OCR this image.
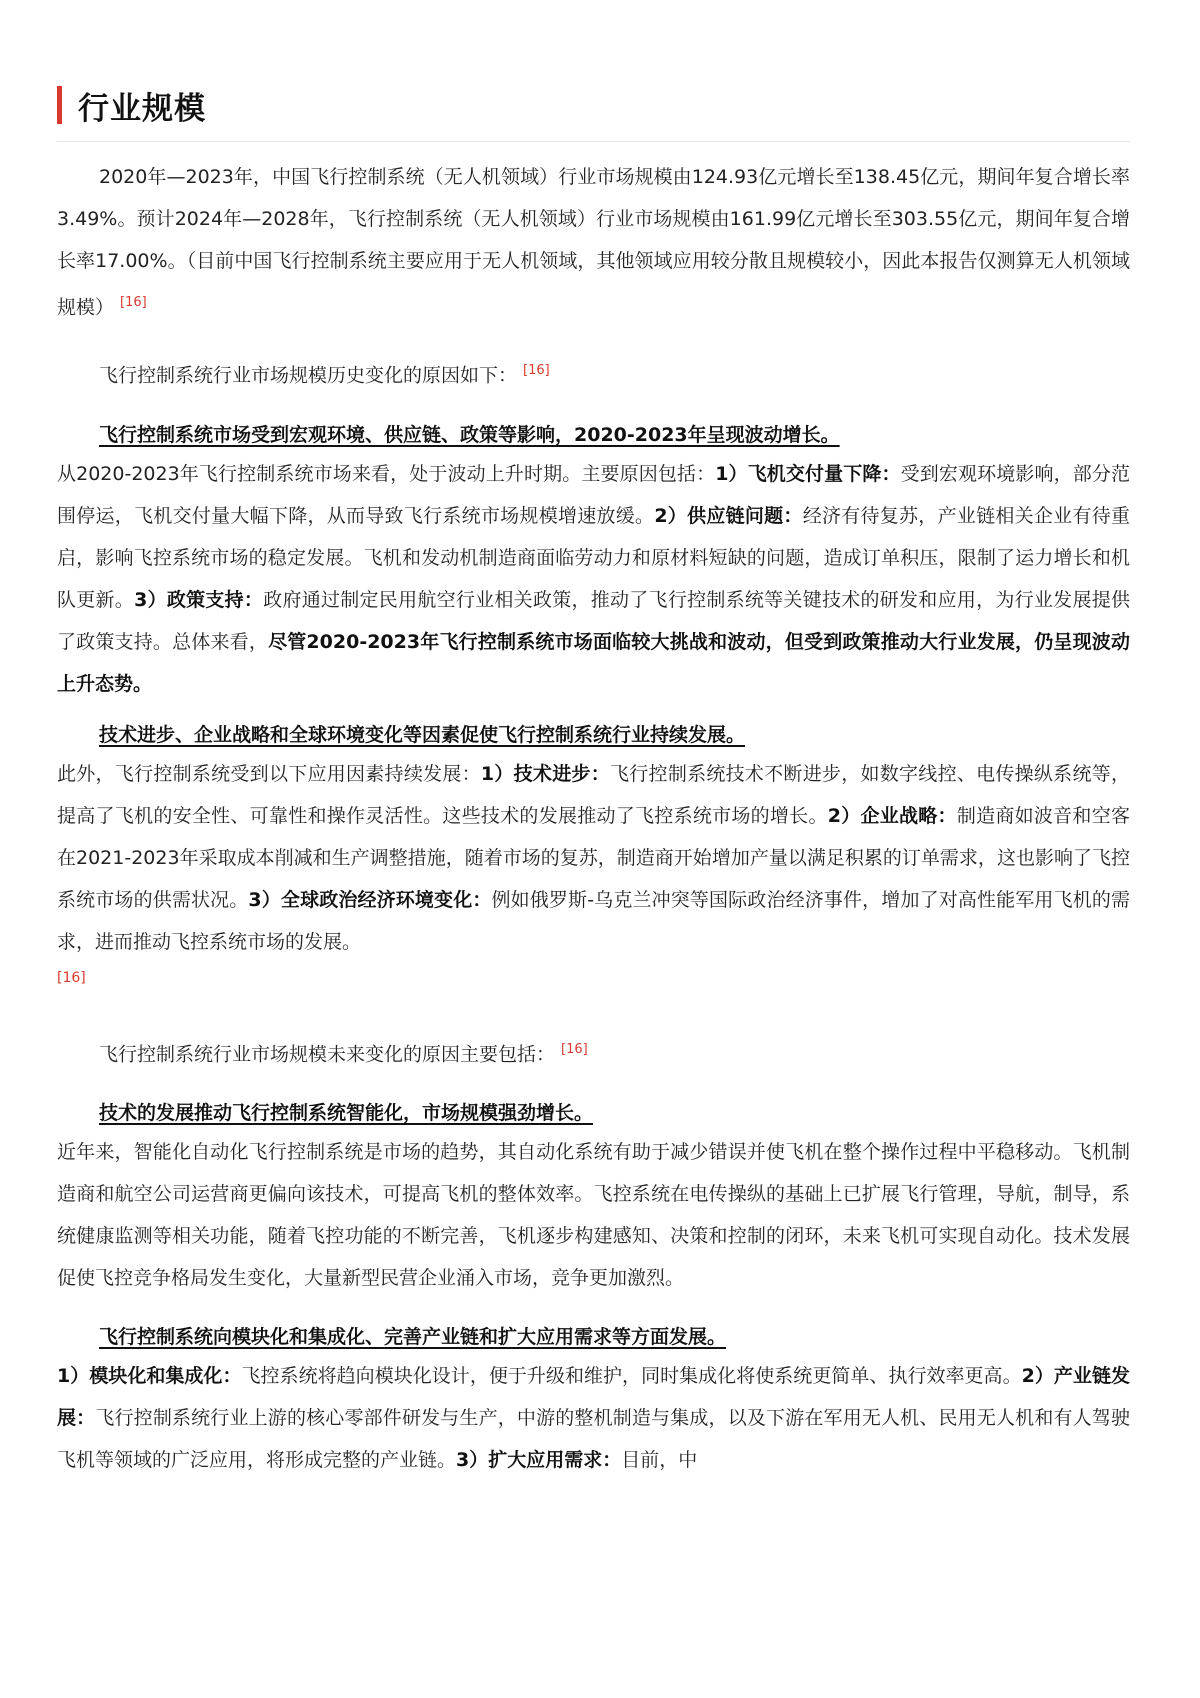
行业规模

2020年—2023年，中国飞行控制系统（无人机领域）行业市场规模由124.93亿元增长至138.45亿元，期间年复合增长率3.49%。预计2024年—2028年，飞行控制系统（无人机领域）行业市场规模由161.99亿元增长至303.55亿元，期间年复合增长率17.00%。（目前中国飞行控制系统主要应用于无人机领域，其他领域应用较分散且规模较小，因此本报告仅测算无人机领域规模） [16]

飞行控制系统行业市场规模历史变化的原因如下： [16]

飞行控制系统市场受到宏观环境、供应链、政策等影响，2020-2023年呈现波动增长。

从2020-2023年飞行控制系统市场来看，处于波动上升时期。主要原因包括：1）飞机交付量下降：受到宏观环境影响，部分范围停运，飞机交付量大幅下降，从而导致飞行系统市场规模增速放缓。2）供应链问题：经济有待复苏，产业链相关企业有待重启，影响飞控系统市场的稳定发展。飞机和发动机制造商面临劳动力和原材料短缺的问题，造成订单积压，限制了运力增长和机队更新。3）政策支持：政府通过制定民用航空行业相关政策，推动了飞行控制系统等关键技术的研发和应用，为行业发展提供了政策支持。总体来看，尽管2020-2023年飞行控制系统市场面临较大挑战和波动，但受到政策推动大行业发展，仍呈现波动上升态势。

技术进步、企业战略和全球环境变化等因素促使飞行控制系统行业持续发展。

此外，飞行控制系统受到以下应用因素持续发展：1）技术进步：飞行控制系统技术不断进步，如数字线控、电传操纵系统等，提高了飞机的安全性、可靠性和操作灵活性。这些技术的发展推动了飞控系统市场的增长。2）企业战略：制造商如波音和空客在2021-2023年采取成本削减和生产调整措施，随着市场的复苏，制造商开始增加产量以满足积累的订单需求，这也影响了飞控系统市场的供需状况。3）全球政治经济环境变化：例如俄罗斯-乌克兰冲突等国际政治经济事件，增加了对高性能军用飞机的需求，进而推动飞控系统市场的发展。

[16]

飞行控制系统行业市场规模未来变化的原因主要包括： [16]

技术的发展推动飞行控制系统智能化，市场规模强劲增长。

近年来，智能化自动化飞行控制系统是市场的趋势，其自动化系统有助于减少错误并使飞机在整个操作过程中平稳移动。飞机制造商和航空公司运营商更偏向该技术，可提高飞机的整体效率。飞控系统在电传操纵的基础上已扩展飞行管理，导航，制导，系统健康监测等相关功能，随着飞控功能的不断完善，飞机逐步构建感知、决策和控制的闭环，未来飞机可实现自动化。技术发展促使飞控竞争格局发生变化，大量新型民营企业涌入市场，竞争更加激烈。

飞行控制系统向模块化和集成化、完善产业链和扩大应用需求等方面发展。

1）模块化和集成化：飞控系统将趋向模块化设计，便于升级和维护，同时集成化将使系统更简单、执行效率更高。2）产业链发展：飞行控制系统行业上游的核心零部件研发与生产，中游的整机制造与集成，以及下游在军用无人机、民用无人机和有人驾驶飞机等领域的广泛应用，将形成完整的产业链。3）扩大应用需求：目前，中
